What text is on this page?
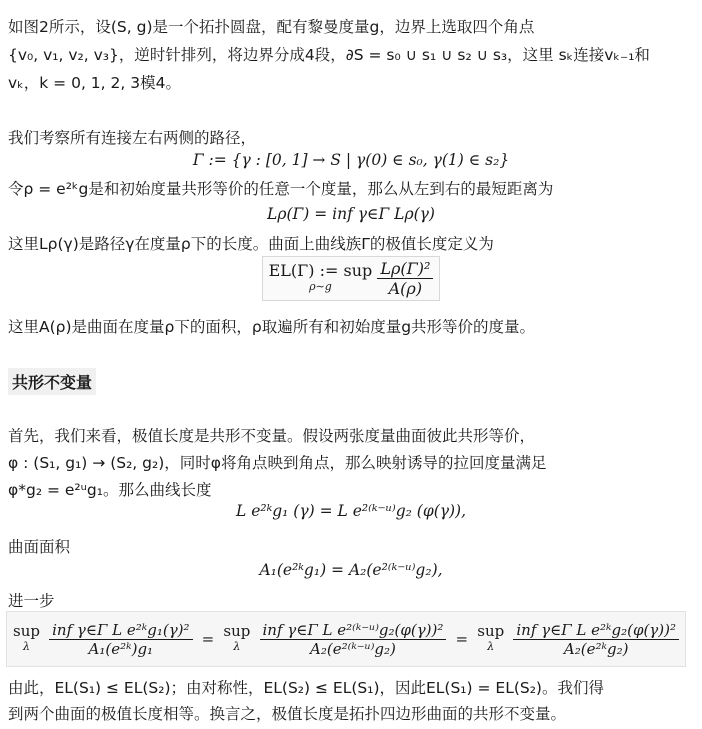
如图2所示，设(S, g)是一个拓扑圆盘，配有黎曼度量g，边界上选取四个角点
{v₀, v₁, v₂, v₃}，逆时针排列，将边界分成4段，∂S = s₀ ∪ s₁ ∪ s₂ ∪ s₃，这里 sₖ连接vₖ₋₁和
vₖ，k = 0, 1, 2, 3模4。
我们考察所有连接左右两侧的路径，
Γ := {γ : [0, 1] → S | γ(0) ∈ s₀, γ(1) ∈ s₂}
令ρ = e²ᵏg是和初始度量共形等价的任意一个度量，那么从左到右的最短距离为
Lρ(Γ) = inf γ∈Γ Lρ(γ)
这里Lρ(γ)是路径γ在度量ρ下的长度。曲面上曲线族Γ的极值长度定义为
EL(Γ) := sup
ρ∼g
	$\frac{\text{Lρ(Γ)²}}{A(\rho)}$
这里A(ρ)是曲面在度量ρ下的面积，ρ取遍所有和初始度量g共形等价的度量。
共形不变量
首先，我们来看，极值长度是共形不变量。假设两张度量曲面彼此共形等价，
φ : (S₁, g₁) → (S₂, g₂)，同时φ将角点映到角点，那么映射诱导的拉回度量满足
φ*g₂ = e²ᵘg₁。那么曲线长度
L e²ᵏg₁ (γ) = L e²⁽ᵏ⁻ᵘ⁾g₂ (φ(γ)),
曲面面积
A₁(e²ᵏg₁) = A₂(e²⁽ᵏ⁻ᵘ⁾g₂),
进一步
sup
λ	$\frac{\text{inf γ∈Γ L e²ᵏg₁(γ)²}}{\text{A₁(e²ᵏ)g₁}}$ = sup
λ	$\frac{\text{inf γ∈Γ L e²⁽ᵏ⁻ᵘ⁾g₂(φ(γ))²}}{\text{A₂(e²⁽ᵏ⁻ᵘ⁾g₂)}}$ = sup
λ	$\frac{\text{inf γ∈Γ L e²ᵏg₂(φ(γ))²}}{\text{A₂(e²ᵏg₂)}}$
由此，EL(S₁) ≤ EL(S₂)；由对称性，EL(S₂) ≤ EL(S₁)，因此EL(S₁) = EL(S₂)。我们得
到两个曲面的极值长度相等。换言之，极值长度是拓扑四边形曲面的共形不变量。
